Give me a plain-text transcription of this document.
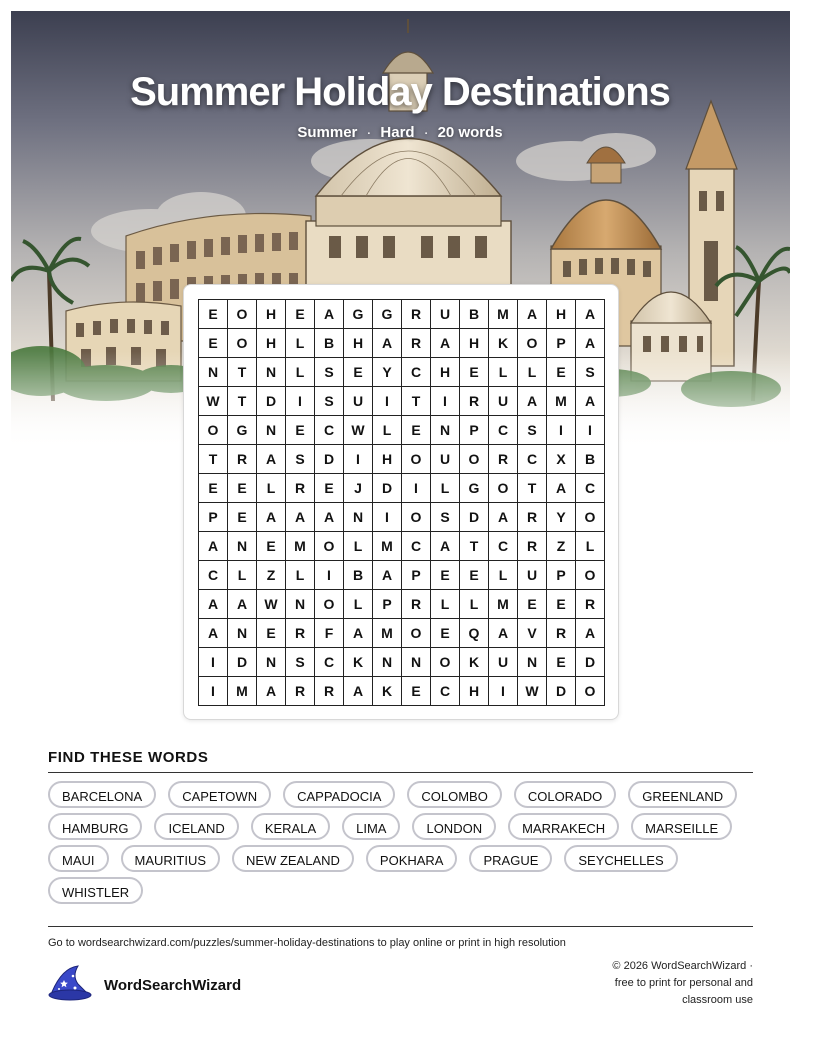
Summer Holiday Destinations
Summer · Hard · 20 words
E	O	H	E	A	G	G	R	U	B	M	A	H	A
E	O	H	L	B	H	A	R	A	H	K	O	P	A
N	T	N	L	S	E	Y	C	H	E	L	L	E	S
W	T	D	I	S	U	I	T	I	R	U	A	M	A
O	G	N	E	C	W	L	E	N	P	C	S	I	I
T	R	A	S	D	I	H	O	U	O	R	C	X	B
E	E	L	R	E	J	D	I	L	G	O	T	A	C
P	E	A	A	A	N	I	O	S	D	A	R	Y	O
A	N	E	M	O	L	M	C	A	T	C	R	Z	L
C	L	Z	L	I	B	A	P	E	E	L	U	P	O
A	A	W	N	O	L	P	R	L	L	M	E	E	R
A	N	E	R	F	A	M	O	E	Q	A	V	R	A
I	D	N	S	C	K	N	N	O	K	U	N	E	D
I	M	A	R	R	A	K	E	C	H	I	W	D	O
FIND THESE WORDS
BARCELONA	CAPETOWN	CAPPADOCIA	COLOMBO	COLORADO	GREENLAND
HAMBURG	ICELAND	KERALA	LIMA	LONDON	MARRAKECH	MARSEILLE
MAUI	MAURITIUS	NEW ZEALAND	POKHARA	PRAGUE	SEYCHELLES
WHISTLER
Go to wordsearchwizard.com/puzzles/summer-holiday-destinations to play online or print in high resolution
WordSearchWizard
© 2026 WordSearchWizard ·
free to print for personal and
classroom use
